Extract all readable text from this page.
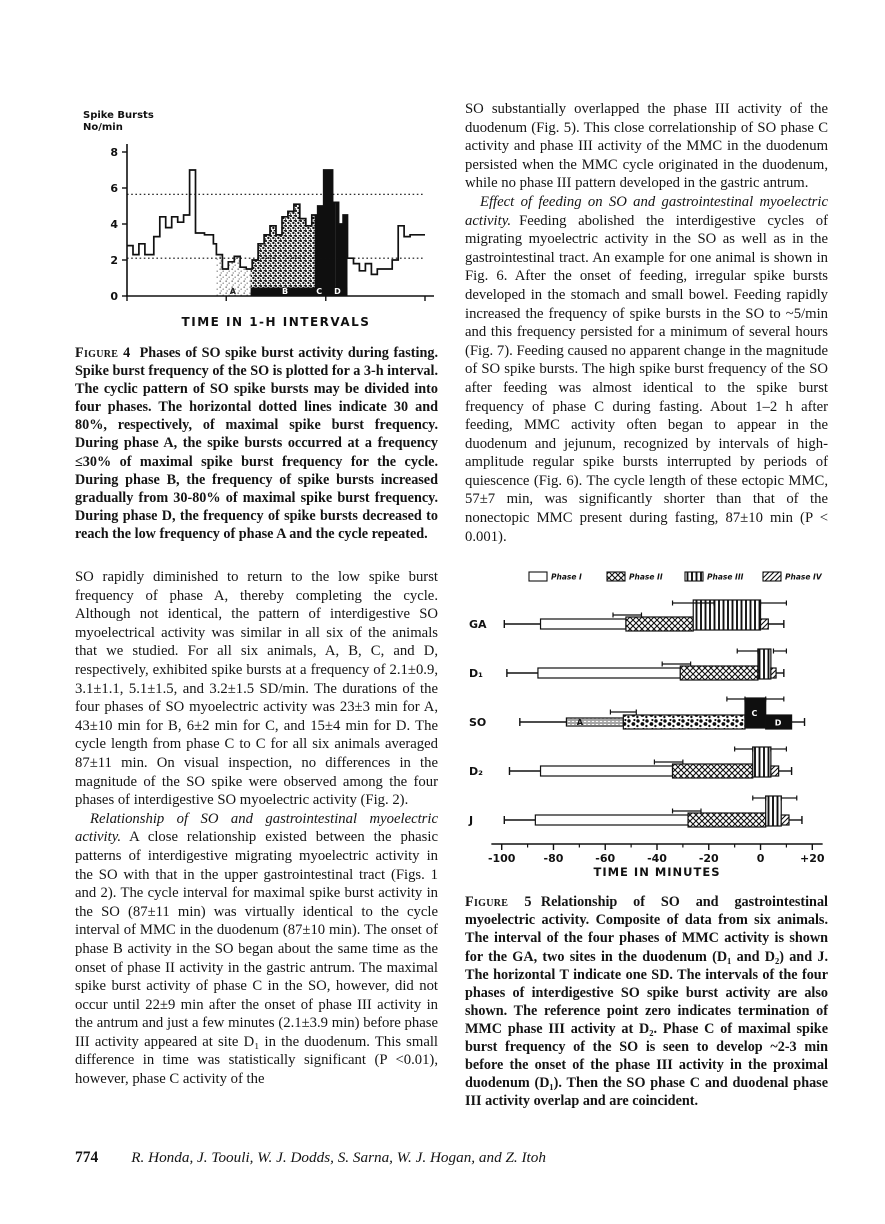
A	B	C D
0
2
4
6
8
Spike Bursts
No/min
TIME IN 1-H INTERVALS
Figure 4 Phases of SO spike burst activity during fasting. Spike burst frequency of the SO is plotted for a 3-h interval. The cyclic pattern of SO spike bursts may be divided into four phases. The horizontal dotted lines indicate 30 and 80%, respectively, of maximal spike burst frequency. During phase A, the spike bursts occurred at a frequency ≤30% of maximal spike burst frequency for the cycle. During phase B, the frequency of spike bursts increased gradually from 30-80% of maximal spike burst frequency. During phase D, the frequency of spike bursts decreased to reach the low frequency of phase A and the cycle repeated.

SO rapidly diminished to return to the low spike burst frequency of phase A, thereby completing the cycle. Although not identical, the pattern of interdigestive SO myoelectrical activity was similar in all six of the animals that we studied. For all six animals, A, B, C, and D, respectively, exhibited spike bursts at a frequency of 2.1±0.9, 3.1±1.1, 5.1±1.5, and 3.2±1.5 SD/min. The durations of the four phases of SO myoelectric activity was 23±3 min for A, 43±10 min for B, 6±2 min for C, and 15±4 min for D. The cycle length from phase C to C for all six animals averaged 87±11 min. On visual inspection, no differences in the magnitude of the SO spike were observed among the four phases of interdigestive SO myoelectric activity (Fig. 2).

Relationship of SO and gastrointestinal myoelectric activity. A close relationship existed between the phasic patterns of interdigestive migrating myoelectric activity in the SO with that in the upper gastrointestinal tract (Figs. 1 and 2). The cycle interval for maximal spike burst activity in the SO (87±11 min) was virtually identical to the cycle interval of MMC in the duodenum (87±10 min). The onset of phase B activity in the SO began about the same time as the onset of phase II activity in the gastric antrum. The maximal spike burst activity of phase C in the SO, however, did not occur until 22±9 min after the onset of phase III activity in the antrum and just a few minutes (2.1±3.9 min) before phase III activity appeared at site D₁ in the duodenum. This small difference in time was statistically significant (P <0.01), however, phase C activity of the

SO substantially overlapped the phase III activity of the duodenum (Fig. 5). This close correlationship of SO phase C activity and phase III activity of the MMC in the duodenum persisted when the MMC cycle originated in the duodenum, while no phase III pattern developed in the gastric antrum.

Effect of feeding on SO and gastrointestinal myoelectric activity. Feeding abolished the interdigestive cycles of migrating myoelectric activity in the SO as well as in the gastrointestinal tract. An example for one animal is shown in Fig. 6. After the onset of feeding, irregular spike bursts developed in the stomach and small bowel. Feeding rapidly increased the frequency of spike bursts in the SO to ~5/min and this frequency persisted for a minimum of several hours (Fig. 7). Feeding caused no apparent change in the magnitude of SO spike bursts. The high spike burst frequency of the SO after feeding was almost identical to the spike burst frequency of phase C during fasting. About 1–2 h after feeding, MMC activity often began to appear in the duodenum and jejunum, recognized by intervals of high-amplitude regular spike bursts interrupted by periods of quiescence (Fig. 6). The cycle length of these ectopic MMC, 57±7 min, was significantly shorter than that of the nonectopic MMC present during fasting, 87±10 min (P < 0.001).

Phase I	Phase II	Phase III	Phase IV
GA
D₁
SO	A
C
D
D₂
J
-100	-80	-60	-40	-20	0	+20
TIME IN MINUTES
Figure 5 Relationship of SO and gastrointestinal myoelectric activity. Composite of data from six animals. The interval of the four phases of MMC activity is shown for the GA, two sites in the duodenum (D₁ and D₂) and J. The horizontal T indicate one SD. The intervals of the four phases of interdigestive SO spike burst activity are also shown. The reference point zero indicates termination of MMC phase III activity at D₂. Phase C of maximal spike burst frequency of the SO is seen to develop ~2-3 min before the onset of the phase III activity in the proximal duodenum (D₁). Then the SO phase C and duodenal phase III activity overlap and are coincident.
774 R. Honda, J. Toouli, W. J. Dodds, S. Sarna, W. J. Hogan, and Z. Itoh
